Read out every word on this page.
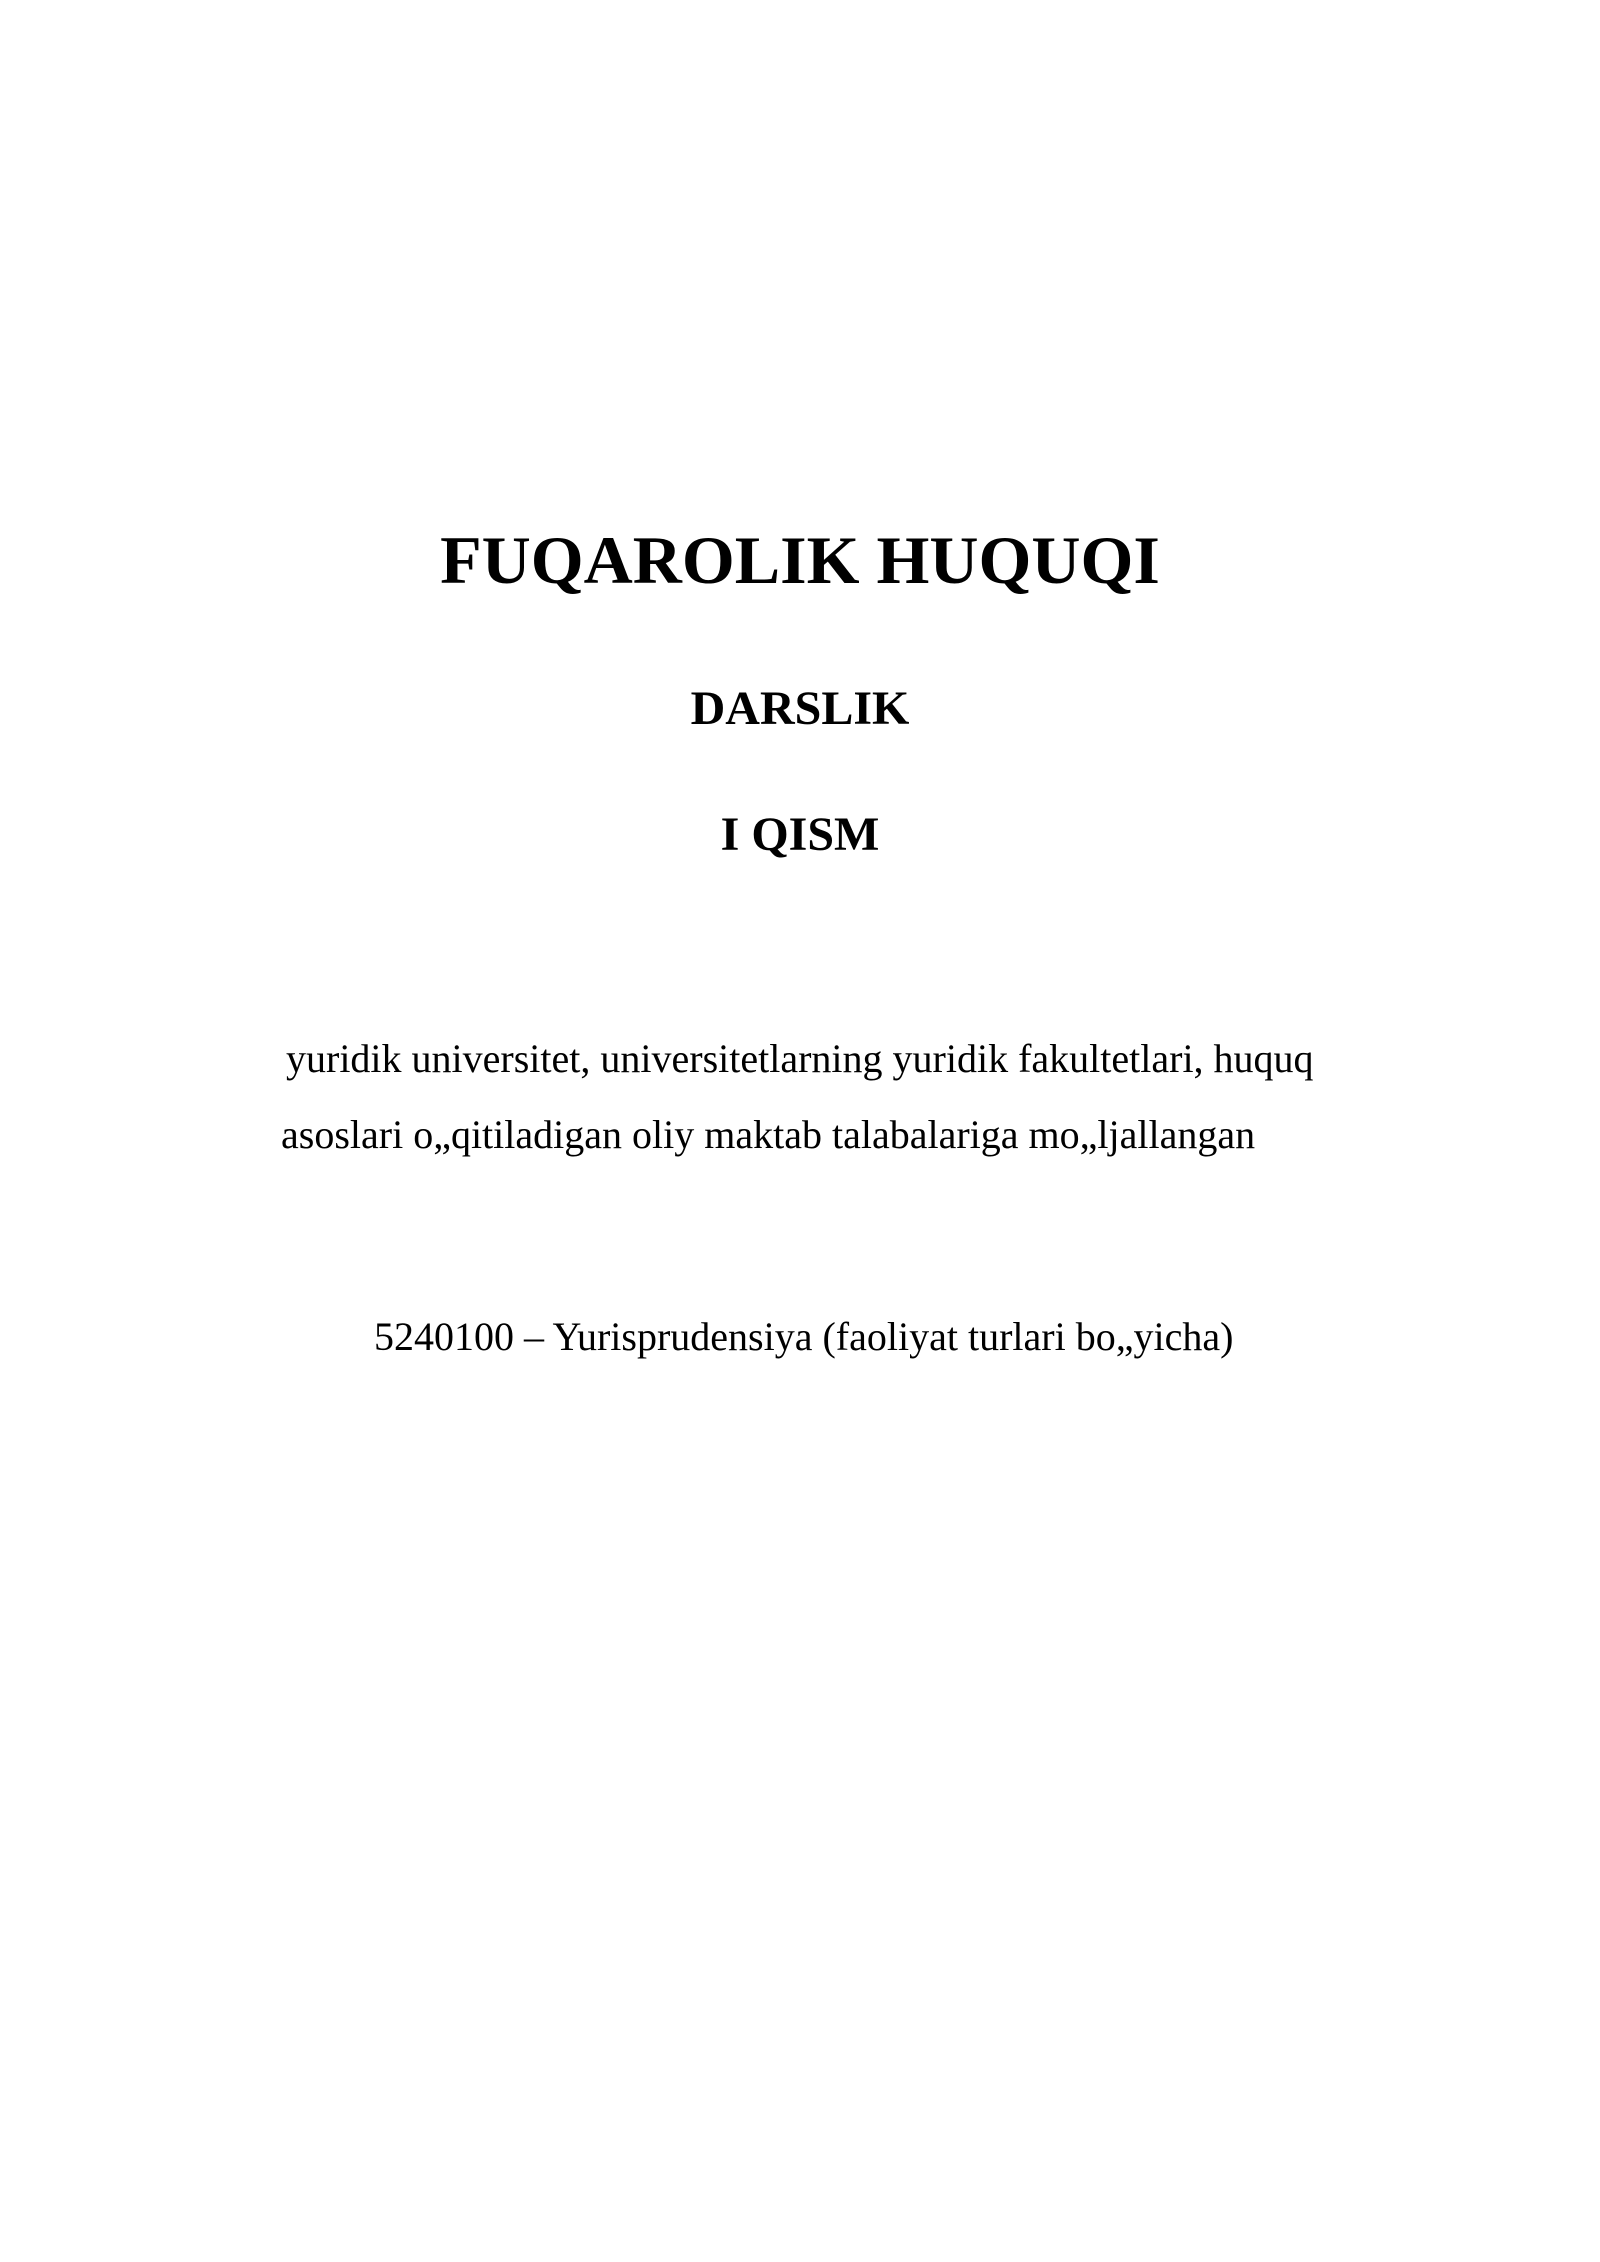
FUQAROLIK HUQUQI
DARSLIK
I QISM

yuridik universitet, universitetlarning yuridik fakultetlari, huquq

asoslari o„qitiladigan oliy maktab talabalariga mo„ljallangan

5240100 – Yurisprudensiya (faoliyat turlari bo„yicha)
